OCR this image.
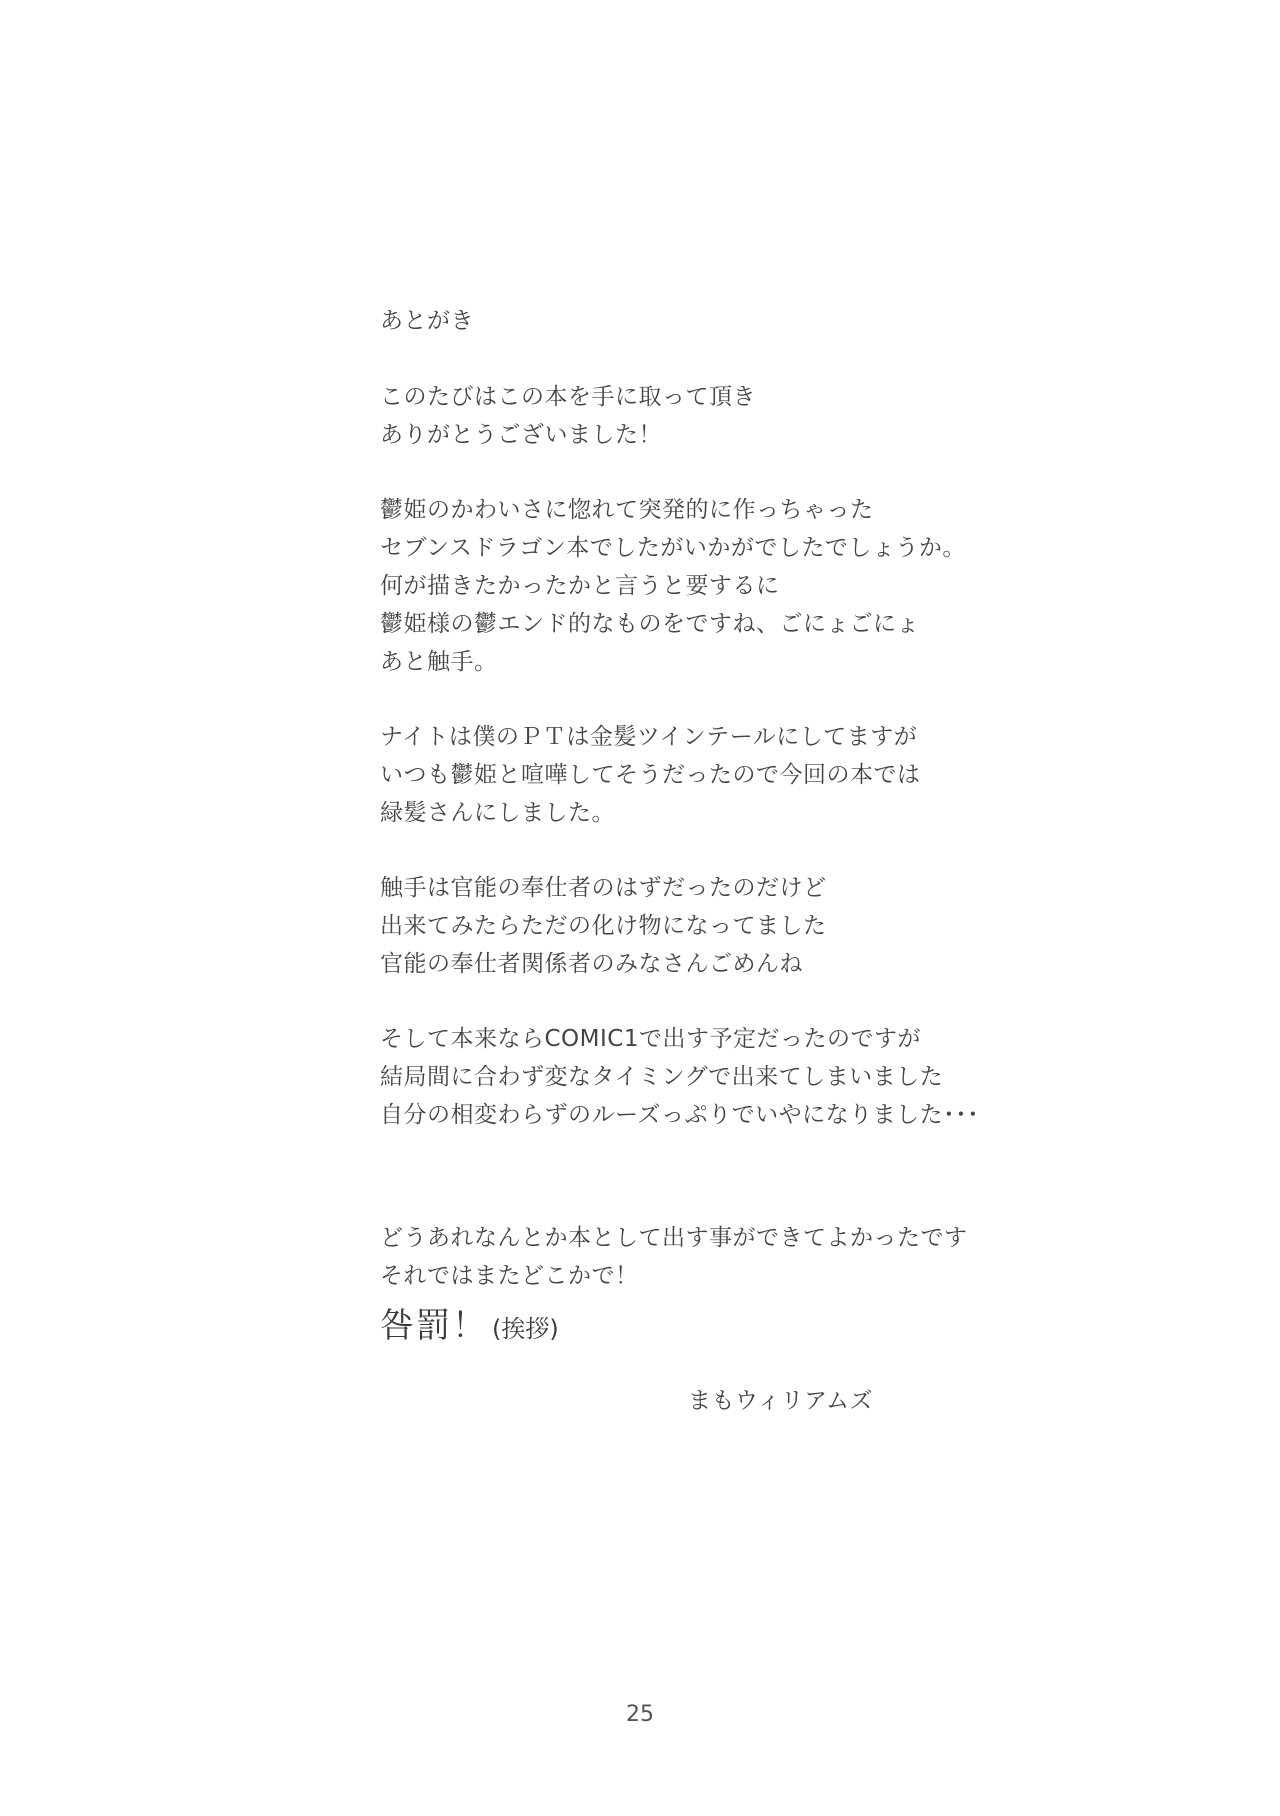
あとがき
このたびはこの本を手に取って頂き
ありがとうございました！
鬱姫のかわいさに惚れて突発的に作っちゃった
セブンスドラゴン本でしたがいかがでしたでしょうか。
何が描きたかったかと言うと要するに
鬱姫様の鬱エンド的なものをですね、ごにょごにょ
あと触手。
ナイトは僕のＰＴは金髪ツインテールにしてますが
いつも鬱姫と喧嘩してそうだったので今回の本では
緑髪さんにしました。
触手は官能の奉仕者のはずだったのだけど
出来てみたらただの化け物になってました
官能の奉仕者関係者のみなさんごめんね
そして本来ならCOMIC1で出す予定だったのですが
結局間に合わず変なタイミングで出来てしまいました
自分の相変わらずのルーズっぷりでいやになりました･･･
どうあれなんとか本として出す事ができてよかったです
それではまたどこかで！
咎罰！ (挨拶)
まもウィリアムズ
25
